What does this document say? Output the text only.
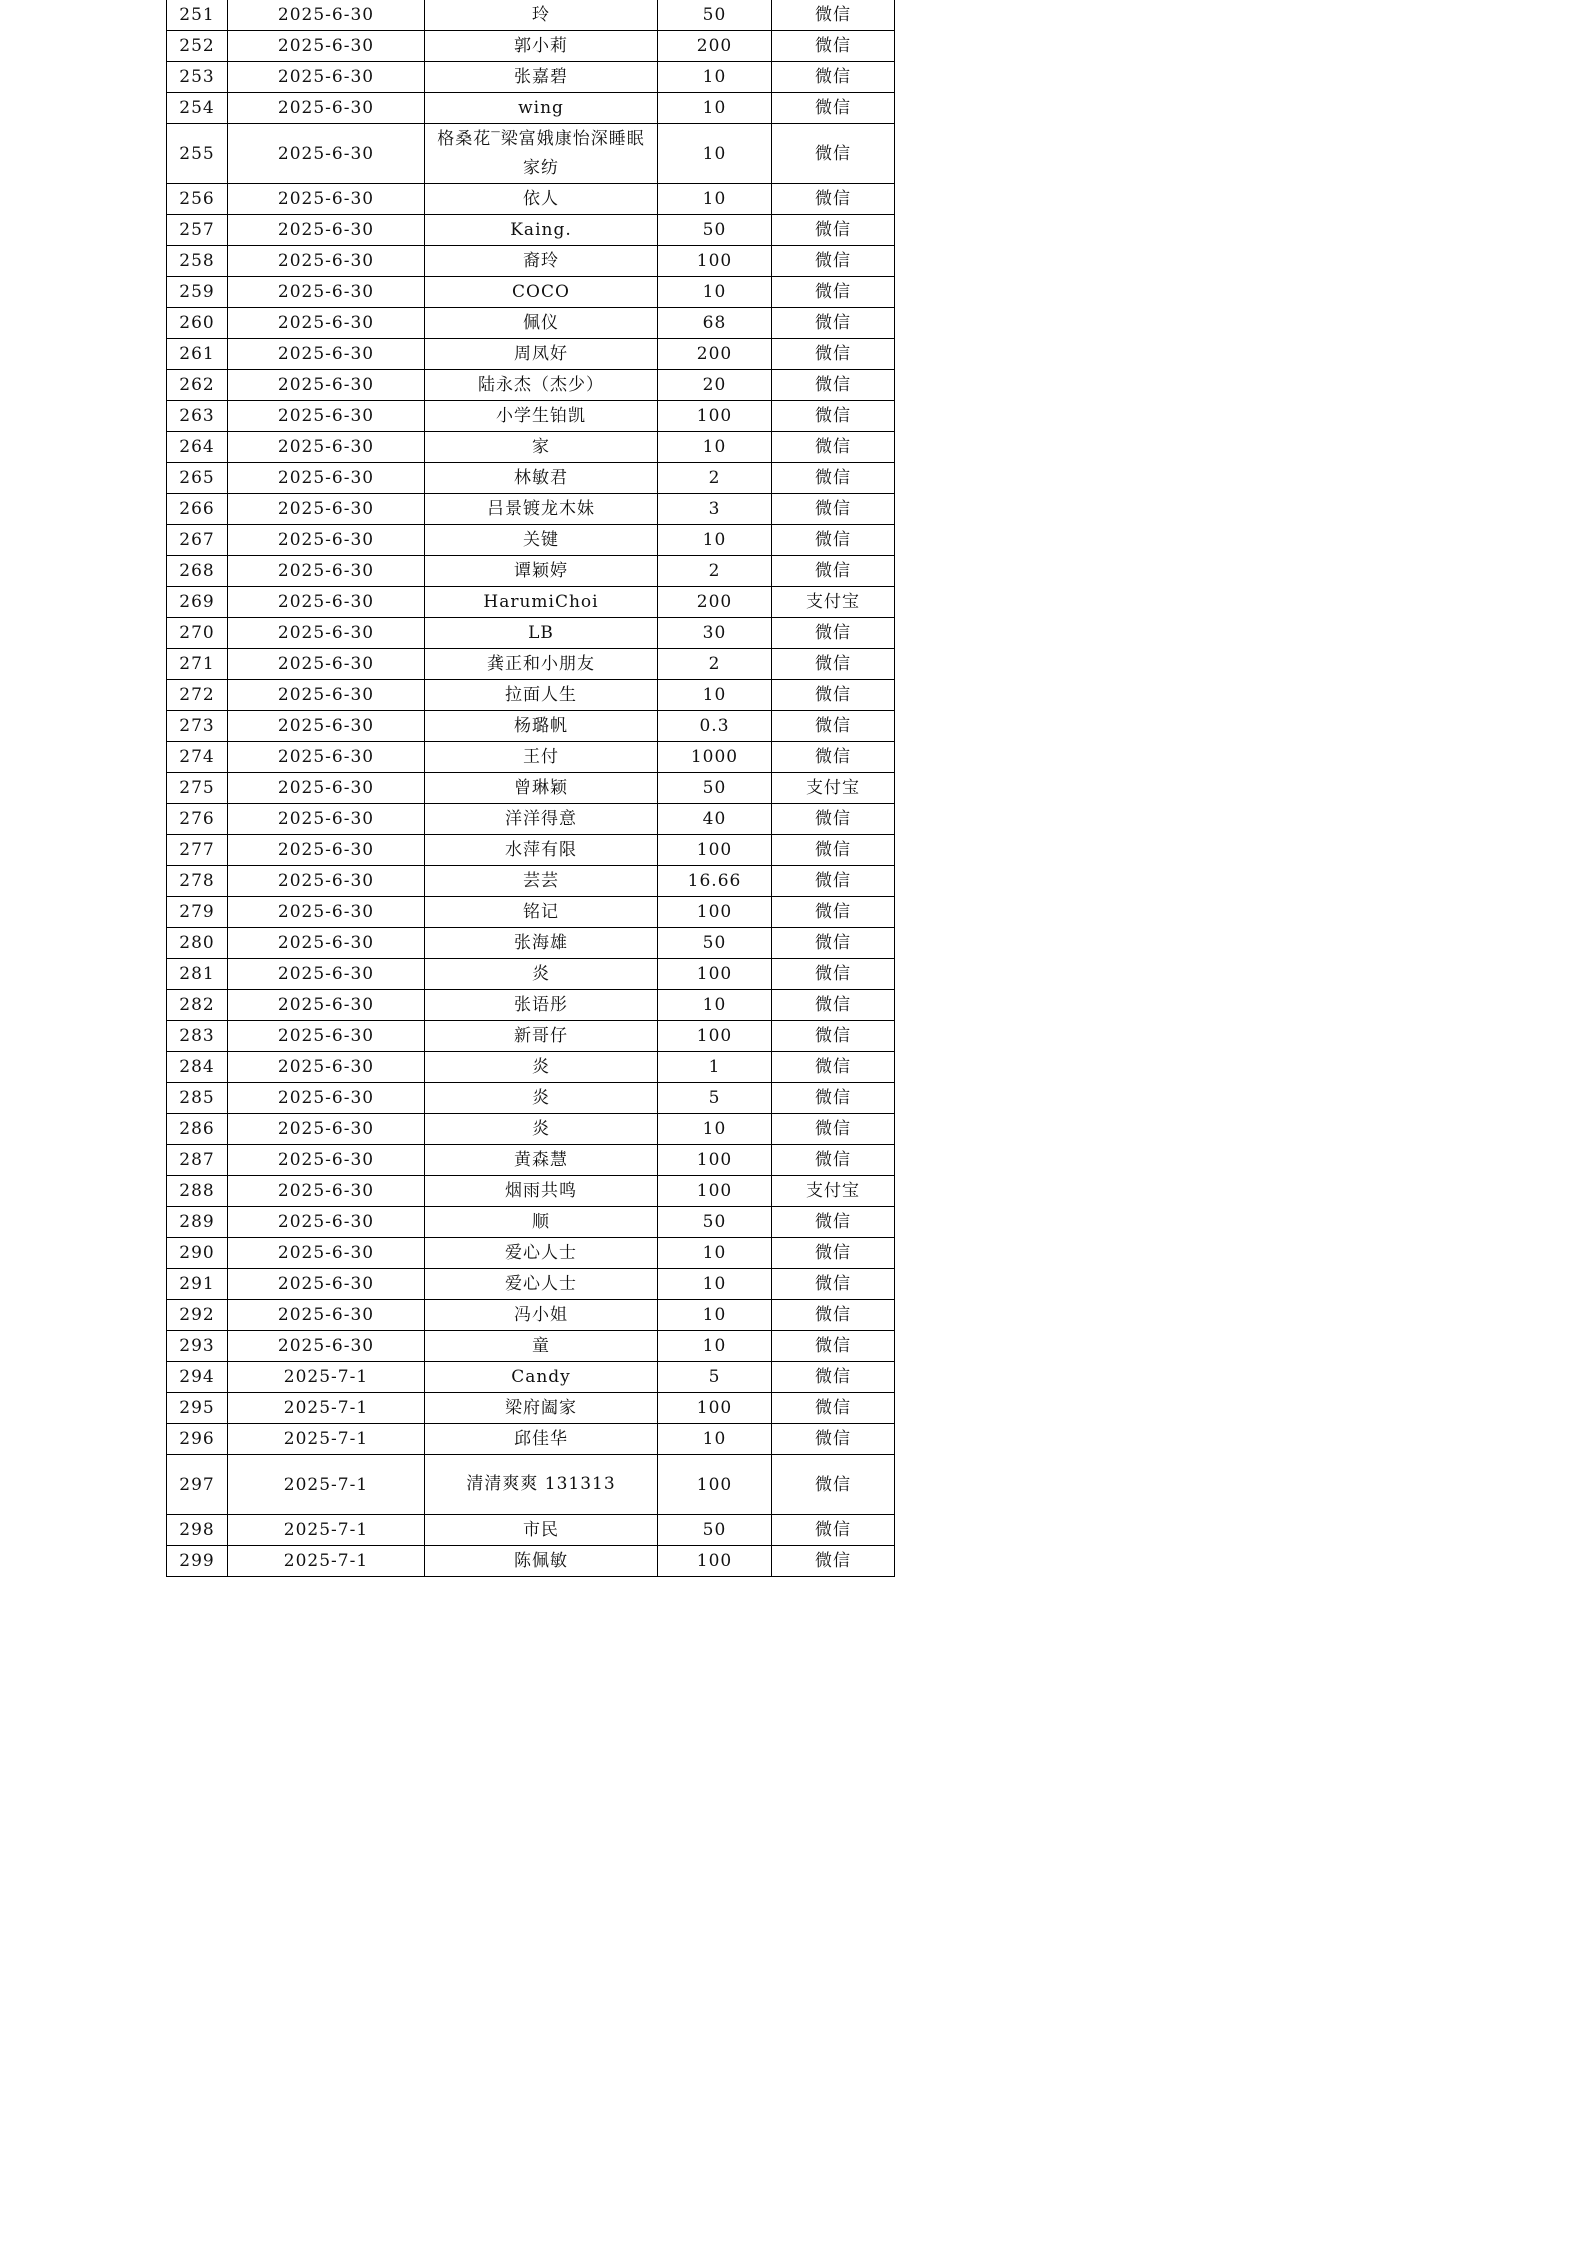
251	2025-6-30	玲	50	微信
252	2025-6-30	郭小莉	200	微信
253	2025-6-30	张嘉碧	10	微信
254	2025-6-30	wing	10	微信
255	2025-6-30	格桑花‾梁富娥康怡深睡眠家纺	10	微信
256	2025-6-30	依人	10	微信
257	2025-6-30	Kaing.	50	微信
258	2025-6-30	裔玲	100	微信
259	2025-6-30	COCO	10	微信
260	2025-6-30	佩仪	68	微信
261	2025-6-30	周凤好	200	微信
262	2025-6-30	陆永杰（杰少）	20	微信
263	2025-6-30	小学生铂凯	100	微信
264	2025-6-30	家	10	微信
265	2025-6-30	林敏君	2	微信
266	2025-6-30	吕景镀龙木妹	3	微信
267	2025-6-30	关键	10	微信
268	2025-6-30	谭颖婷	2	微信
269	2025-6-30	HarumiChoi	200	支付宝
270	2025-6-30	LB	30	微信
271	2025-6-30	龚正和小朋友	2	微信
272	2025-6-30	拉面人生	10	微信
273	2025-6-30	杨璐帆	0.3	微信
274	2025-6-30	王付	1000	微信
275	2025-6-30	曾琳颖	50	支付宝
276	2025-6-30	洋洋得意	40	微信
277	2025-6-30	水萍有限	100	微信
278	2025-6-30	芸芸	16.66	微信
279	2025-6-30	铭记	100	微信
280	2025-6-30	张海雄	50	微信
281	2025-6-30	炎	100	微信
282	2025-6-30	张语彤	10	微信
283	2025-6-30	新哥仔	100	微信
284	2025-6-30	炎	1	微信
285	2025-6-30	炎	5	微信
286	2025-6-30	炎	10	微信
287	2025-6-30	黄森慧	100	微信
288	2025-6-30	烟雨共鸣	100	支付宝
289	2025-6-30	顺	50	微信
290	2025-6-30	爱心人士	10	微信
291	2025-6-30	爱心人士	10	微信
292	2025-6-30	冯小姐	10	微信
293	2025-6-30	童	10	微信
294	2025-7-1	Candy	5	微信
295	2025-7-1	梁府阖家	100	微信
296	2025-7-1	邱佳华	10	微信
297	2025-7-1	清清爽爽 131313	100	微信
298	2025-7-1	市民	50	微信
299	2025-7-1	陈佩敏	100	微信
